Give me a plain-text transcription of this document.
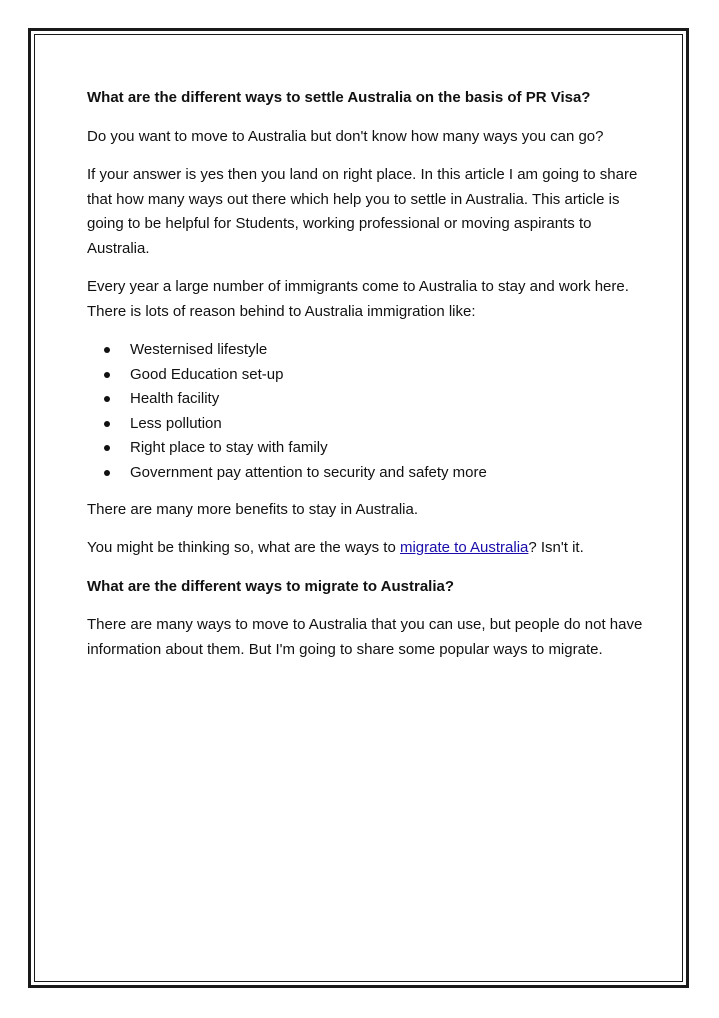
What are the different ways to settle Australia on the basis of PR Visa?

Do you want to move to Australia but don't know how many ways you can go?

If your answer is yes then you land on right place. In this article I am going to share that how many ways out there which help you to settle in Australia. This article is going to be helpful for Students, working professional or moving aspirants to Australia.

Every year a large number of immigrants come to Australia to stay and work here. There is lots of reason behind to Australia immigration like:

Westernised lifestyle
Good Education set-up
Health facility
Less pollution
Right place to stay with family
Government pay attention to security and safety more

There are many more benefits to stay in Australia.

You might be thinking so, what are the ways to migrate to Australia? Isn't it.

What are the different ways to migrate to Australia?

There are many ways to move to Australia that you can use, but people do not have information about them. But I'm going to share some popular ways to migrate.
